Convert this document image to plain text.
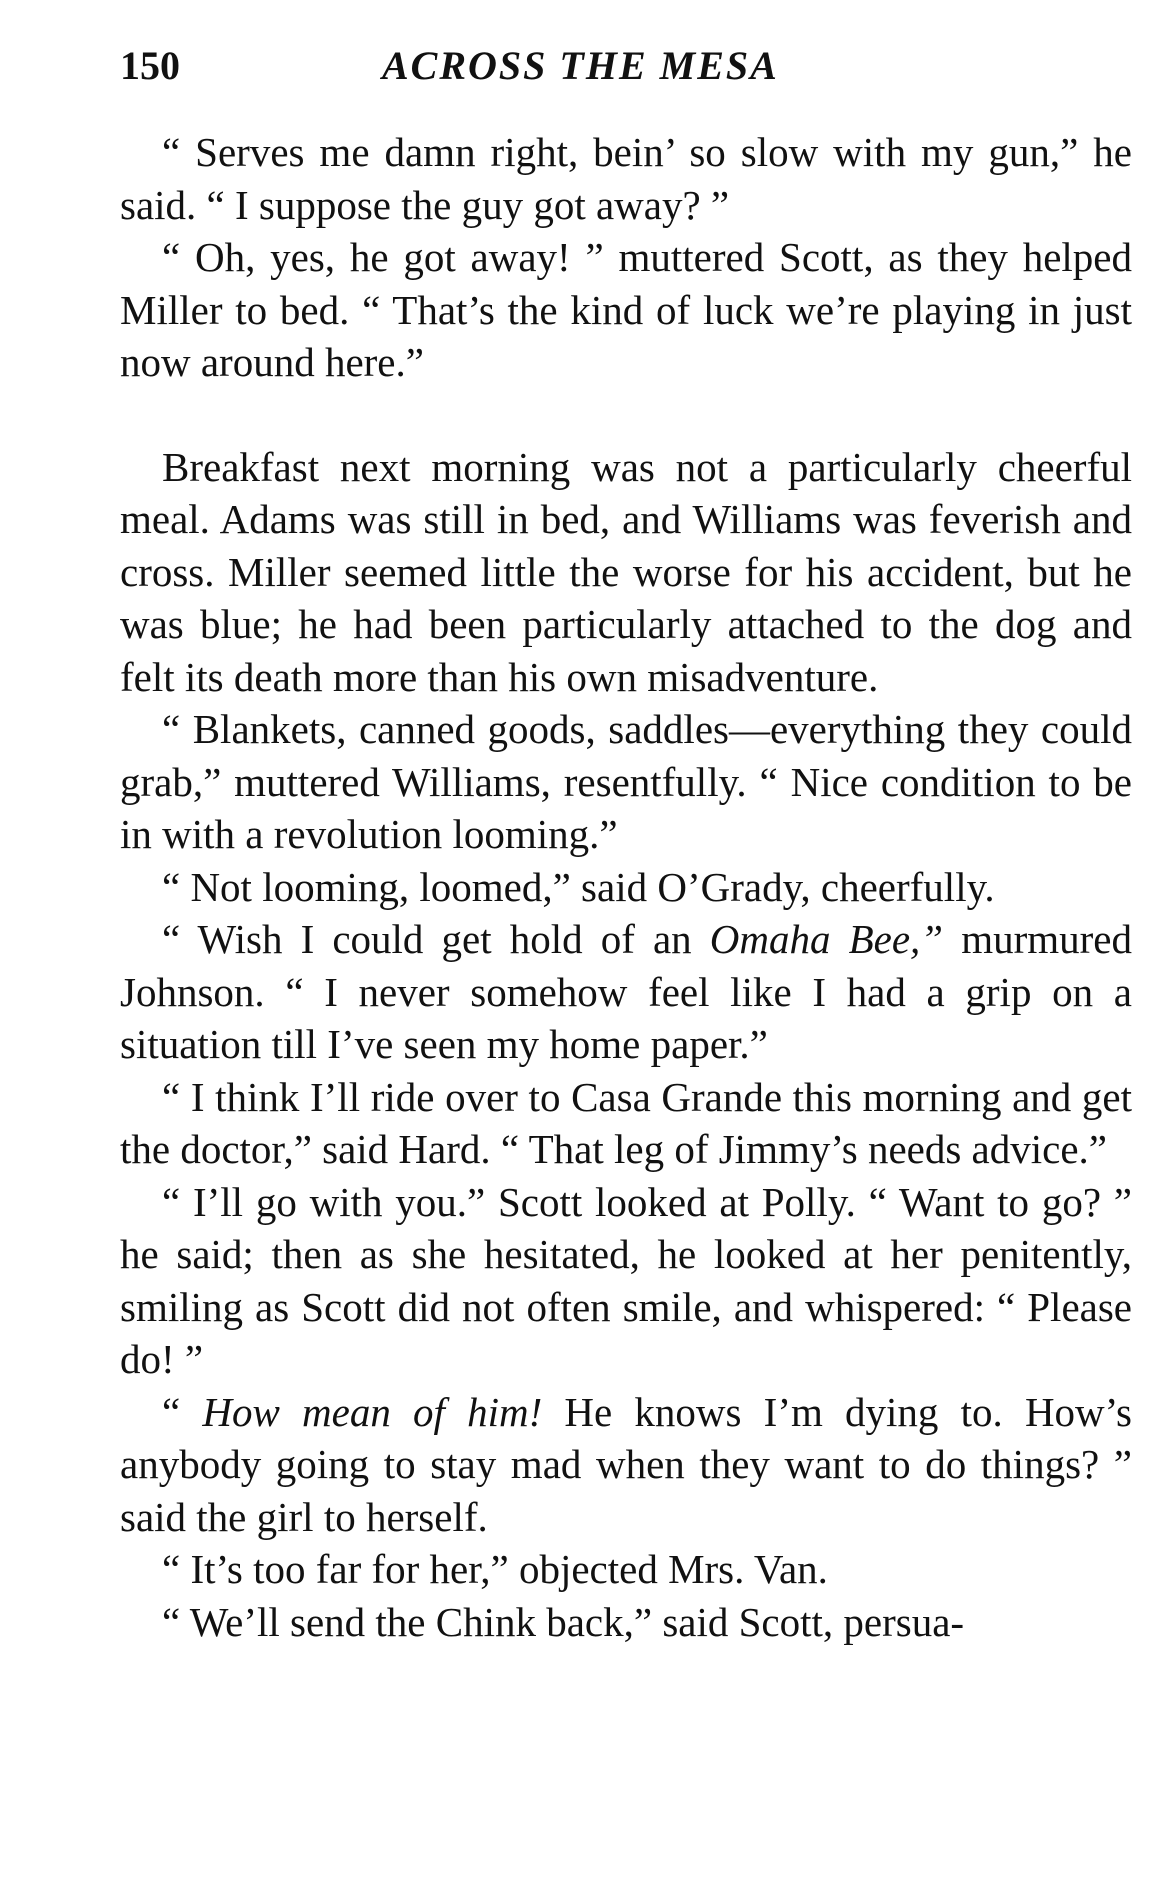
150	ACROSS THE MESA

“ Serves me damn right, bein’ so slow with my gun,” he said. “ I suppose the guy got away? ”

“ Oh, yes, he got away! ” muttered Scott, as they helped Miller to bed. “ That’s the kind of luck we’re playing in just now around here.”

Breakfast next morning was not a particularly cheerful meal. Adams was still in bed, and Williams was feverish and cross. Miller seemed little the worse for his accident, but he was blue; he had been particularly attached to the dog and felt its death more than his own misadventure.

“ Blankets, canned goods, saddles—everything they could grab,” muttered Williams, resentfully. “ Nice condition to be in with a revolution looming.”

“ Not looming, loomed,” said O’Grady, cheerfully.

“ Wish I could get hold of an Omaha Bee,” murmured Johnson. “ I never somehow feel like I had a grip on a situation till I’ve seen my home paper.”

“ I think I’ll ride over to Casa Grande this morning and get the doctor,” said Hard. “ That leg of Jimmy’s needs advice.”

“ I’ll go with you.” Scott looked at Polly. “ Want to go? ” he said; then as she hesitated, he looked at her penitently, smiling as Scott did not often smile, and whispered: “ Please do! ”

“ How mean of him! He knows I’m dying to. How’s anybody going to stay mad when they want to do things? ” said the girl to herself.

“ It’s too far for her,” objected Mrs. Van.

“ We’ll send the Chink back,” said Scott, persua-
